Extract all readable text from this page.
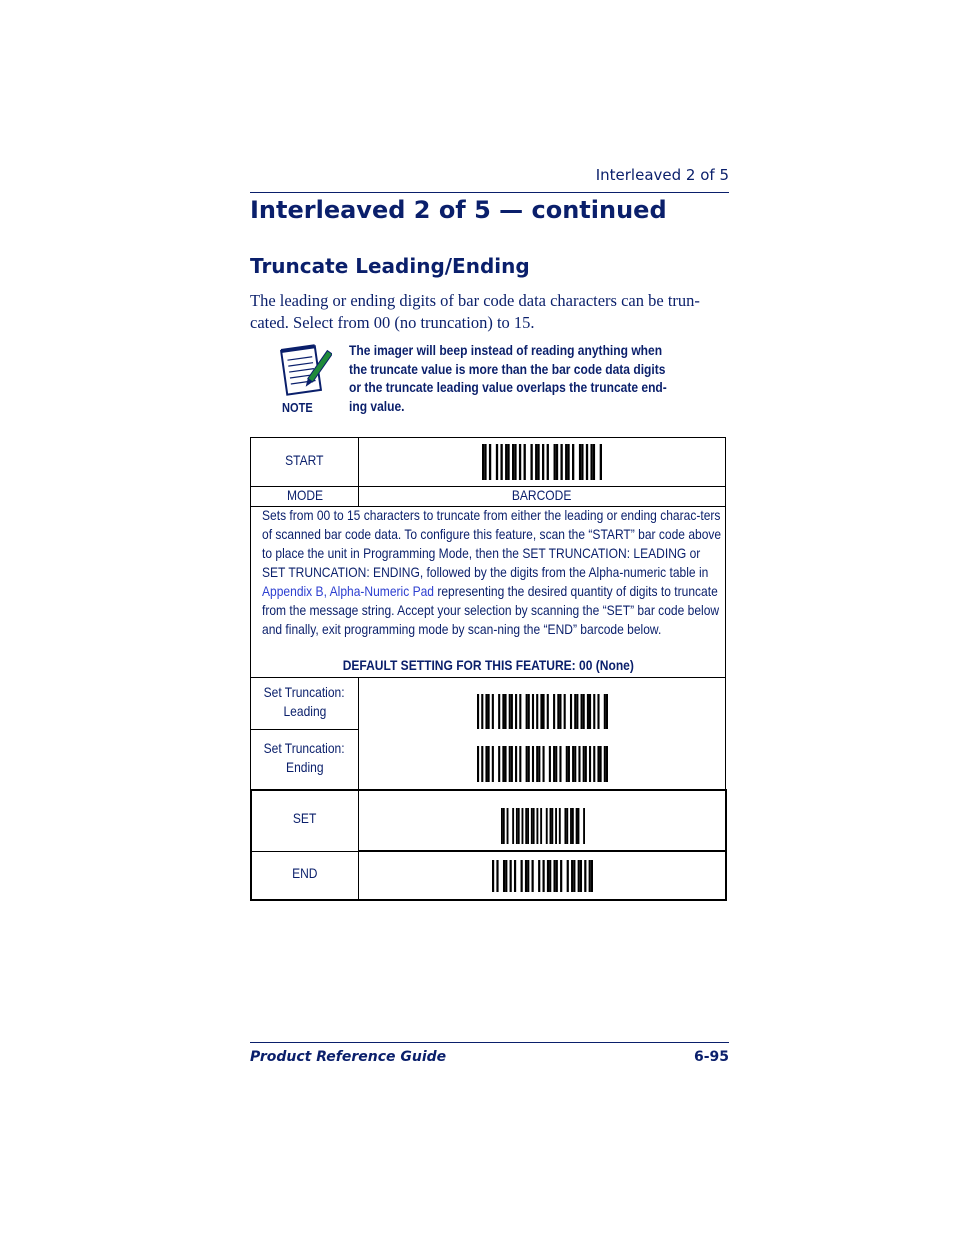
Interleaved 2 of 5
Interleaved 2 of 5 — continued
Truncate Leading/Ending

The leading or ending digits of bar code data characters can be trun-
cated. Select from 00 (no truncation) to 15.

NOTE

The imager will beep instead of reading anything when
the truncate value is more than the bar code data digits
or the truncate leading value overlaps the truncate end-
ing value.

START
MODE	BARCODE

Sets from 00 to 15 characters to truncate from either the leading or ending charac-ters of scanned bar code data. To configure this feature, scan the “START” bar code above to place the unit in Programming Mode, then the SET TRUNCATION: LEADING or SET TRUNCATION: ENDING, followed by the digits from the Alpha-numeric table in Appendix B, Alpha-Numeric Pad representing the desired quantity of digits to truncate from the message string. Accept your selection by scanning the “SET” bar code below and finally, exit programming mode by scan-ning the “END” barcode below.

DEFAULT SETTING FOR THIS FEATURE: 00 (None)
Set Truncation:
Leading
Set Truncation:
Ending
SET
END
Product Reference Guide	6-95
